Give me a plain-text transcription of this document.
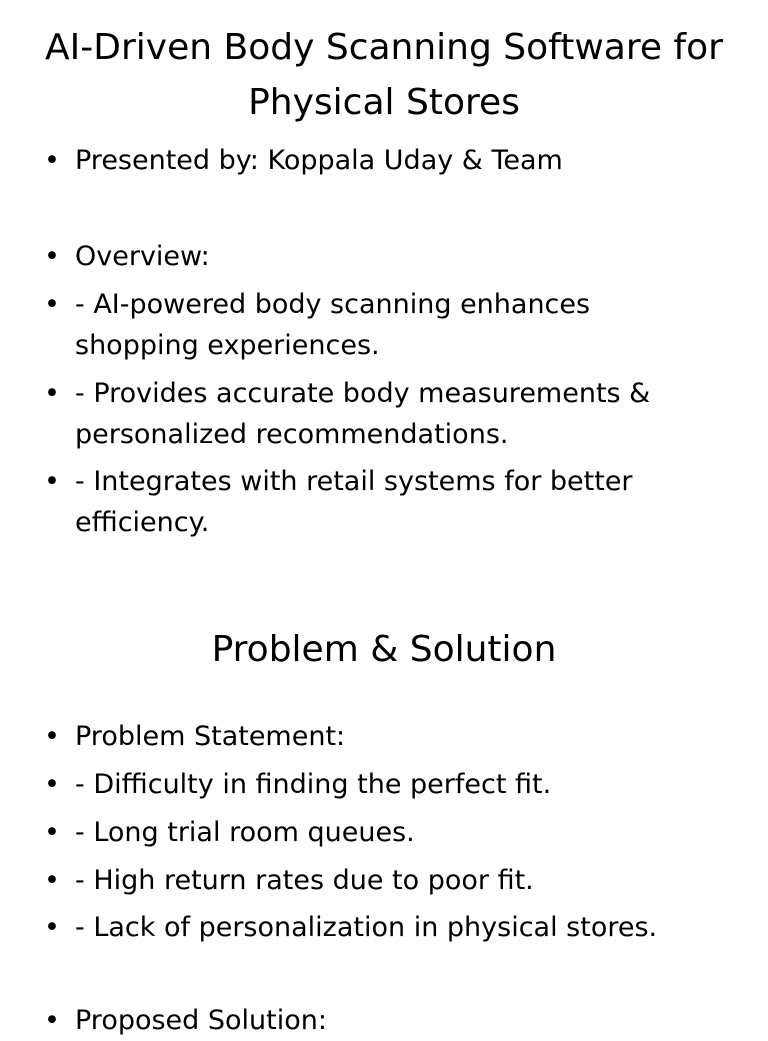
AI-Driven Body Scanning Software for Physical Stores
• Presented by: Koppala Uday & Team
• Overview:
• - AI-powered body scanning enhances shopping experiences.
• - Provides accurate body measurements & personalized recommendations.
• - Integrates with retail systems for better efficiency.
Problem & Solution
• Problem Statement:
• - Difficulty in finding the perfect fit.
• - Long trial room queues.
• - High return rates due to poor fit.
• - Lack of personalization in physical stores.
• Proposed Solution:
